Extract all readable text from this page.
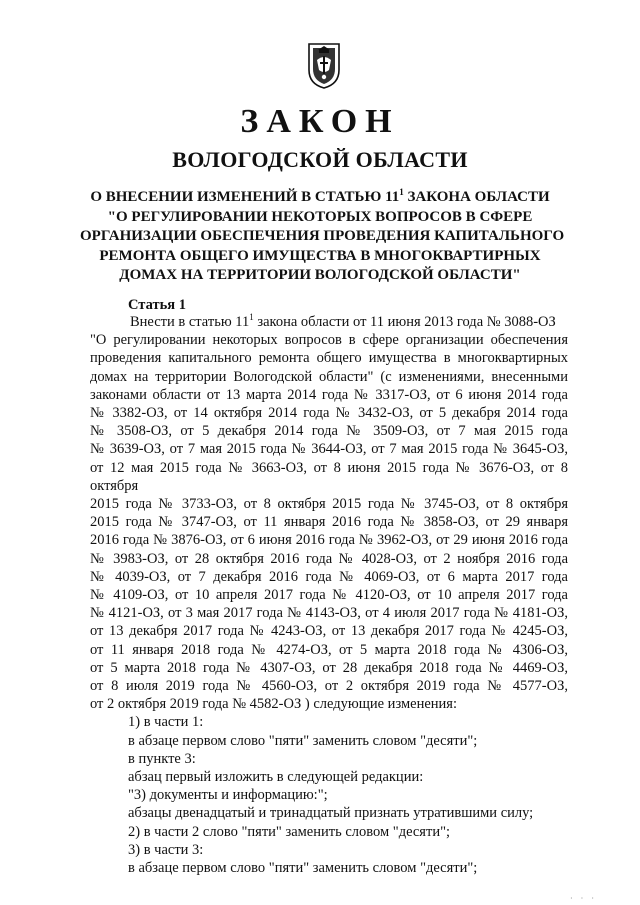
ЗАКОН
ВОЛОГОДСКОЙ ОБЛАСТИ
О ВНЕСЕНИИ ИЗМЕНЕНИЙ В СТАТЬЮ $11^1$ ЗАКОНА ОБЛАСТИ
"О РЕГУЛИРОВАНИИ НЕКОТОРЫХ ВОПРОСОВ В СФЕРЕ
ОРГАНИЗАЦИИ ОБЕСПЕЧЕНИЯ ПРОВЕДЕНИЯ КАПИТАЛЬНОГО
РЕМОНТА ОБЩЕГО ИМУЩЕСТВА В МНОГОКВАРТИРНЫХ
ДОМАХ НА ТЕРРИТОРИИ ВОЛОГОДСКОЙ ОБЛАСТИ"
Статья 1
Внести в статью $11^1$ закона области от 11 июня 2013 года № 3088-ОЗ
"О регулировании некоторых вопросов в сфере организации обеспечения
проведения капитального ремонта общего имущества в многоквартирных
домах на территории Вологодской области" (с изменениями, внесенными
законами области от 13 марта 2014 года № 3317-ОЗ, от 6 июня 2014 года
№ 3382-ОЗ, от 14 октября 2014 года № 3432-ОЗ, от 5 декабря 2014 года
№ 3508-ОЗ, от 5 декабря 2014 года № 3509-ОЗ, от 7 мая 2015 года
№ 3639-ОЗ, от 7 мая 2015 года № 3644-ОЗ, от 7 мая 2015 года № 3645-ОЗ,
от 12 мая 2015 года № 3663-ОЗ, от 8 июня 2015 года № 3676-ОЗ, от 8 октября
2015 года № 3733-ОЗ, от 8 октября 2015 года № 3745-ОЗ, от 8 октября
2015 года № 3747-ОЗ, от 11 января 2016 года № 3858-ОЗ, от 29 января
2016 года № 3876-ОЗ, от 6 июня 2016 года № 3962-ОЗ, от 29 июня 2016 года
№ 3983-ОЗ, от 28 октября 2016 года № 4028-ОЗ, от 2 ноября 2016 года
№ 4039-ОЗ, от 7 декабря 2016 года № 4069-ОЗ, от 6 марта 2017 года
№ 4109-ОЗ, от 10 апреля 2017 года № 4120-ОЗ, от 10 апреля 2017 года
№ 4121-ОЗ, от 3 мая 2017 года № 4143-ОЗ, от 4 июля 2017 года № 4181-ОЗ,
от 13 декабря 2017 года № 4243-ОЗ, от 13 декабря 2017 года № 4245-ОЗ,
от 11 января 2018 года № 4274-ОЗ, от 5 марта 2018 года № 4306-ОЗ,
от 5 марта 2018 года № 4307-ОЗ, от 28 декабря 2018 года № 4469-ОЗ,
от 8 июля 2019 года № 4560-ОЗ, от 2 октября 2019 года № 4577-ОЗ,
от 2 октября 2019 года № 4582-ОЗ ) следующие изменения:
1) в части 1:
в абзаце первом слово "пяти" заменить словом "десяти";
в пункте 3:
абзац первый изложить в следующей редакции:
"3) документы и информацию:";
абзацы двенадцатый и тринадцатый признать утратившими силу;
2) в части 2 слово "пяти" заменить словом "десяти";
3) в части 3:
в абзаце первом слово "пяти" заменить словом "десяти";
· · ·
